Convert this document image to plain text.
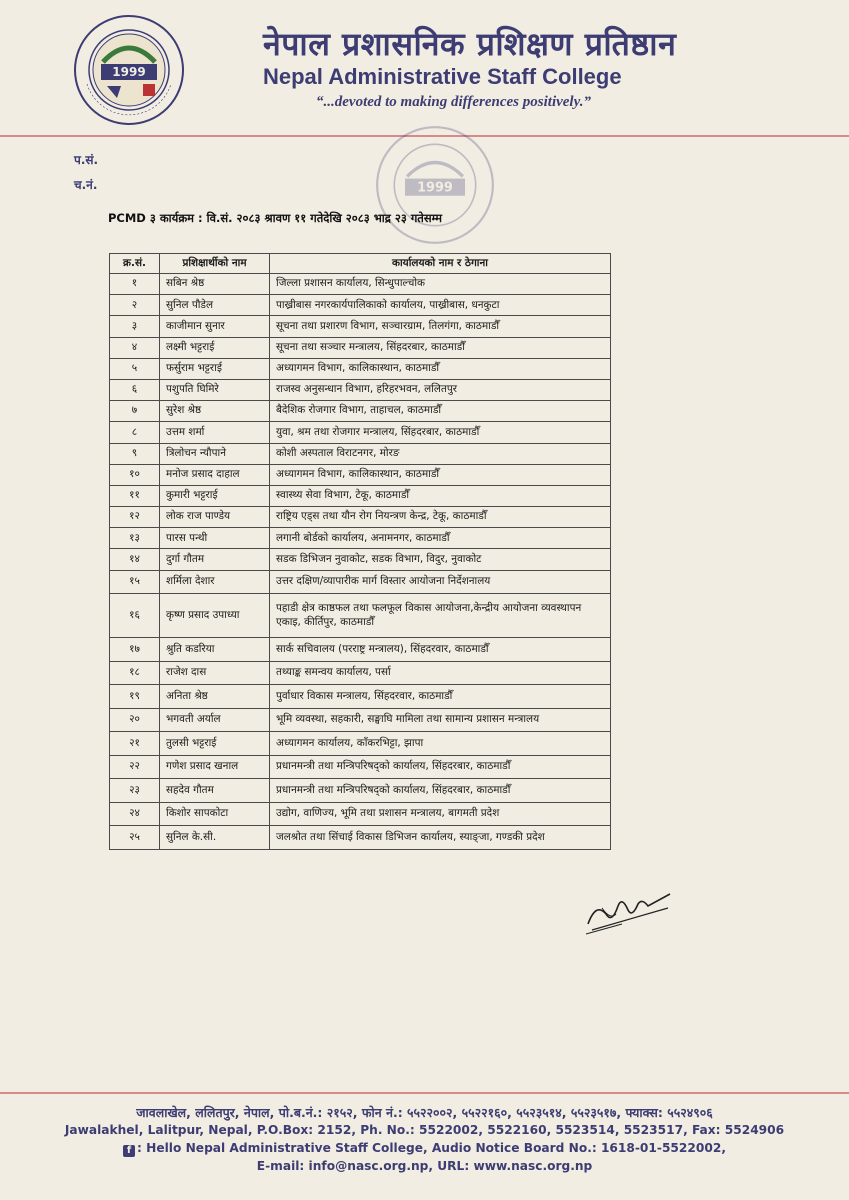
1999
नेपाल प्रशासनिक प्रशिक्षण प्रतिष्ठान
Nepal Administrative Staff College
“...devoted to making differences positively.”
प.सं.
च.नं.	1999
PCMD ३ कार्यक्रम : वि.सं. २०८३ श्रावण ११ गतेदेखि २०८३ भाद्र २३ गतेसम्म
क्र.सं.	प्रशिक्षार्थीको नाम	कार्यालयको नाम र ठेगाना
१	सबिन श्रेष्ठ	जिल्ला प्रशासन कार्यालय, सिन्धुपाल्चोक
२	सुनिल पौडेल	पाख्रीबास नगरकार्यपालिकाको कार्यालय, पाख्रीबास, धनकुटा
३	काजीमान सुनार	सूचना तथा प्रशारण विभाग, सञ्चारग्राम, तिलगंगा, काठमाडौँ
४	लक्ष्मी भट्टराई	सूचना तथा सञ्चार मन्त्रालय, सिंहदरबार, काठमाडौँ
५	फर्सुराम भट्टराई	अध्यागमन विभाग, कालिकास्थान, काठमाडौँ
६	पशुपति घिमिरे	राजस्व अनुसन्धान विभाग, हरिहरभवन, ललितपुर
७	सुरेश श्रेष्ठ	बैदेशिक रोजगार विभाग, ताहाचल, काठमाडौँ
८	उत्तम शर्मा	युवा, श्रम तथा रोजगार मन्त्रालय, सिंहदरबार, काठमाडौँ
९	त्रिलोचन न्यौपाने	कोशी अस्पताल विराटनगर, मोरङ
१०	मनोज प्रसाद दाहाल	अध्यागमन विभाग, कालिकास्थान, काठमाडौँ
११	कुमारी भट्टराई	स्वास्थ्य सेवा विभाग, टेकू, काठमाडौँ
१२	लोक राज पाण्डेय	राष्ट्रिय एड्स तथा यौन रोग नियन्त्रण केन्द्र, टेकू, काठमाडौँ
१३	पारस पन्थी	लगानी बोर्डको कार्यालय, अनामनगर, काठमाडौँ
१४	दुर्गा गौतम	सडक डिभिजन नुवाकोट, सडक विभाग, विदुर, नुवाकोट
१५	शर्मिला देशार	उत्तर दक्षिण/व्यापारीक मार्ग विस्तार आयोजना निर्देशनालय
१६	कृष्ण प्रसाद उपाध्या	पहाडी क्षेत्र काष्ठफल तथा फलफूल विकास आयोजना,केन्द्रीय आयोजना व्यवस्थापन एकाइ, कीर्तिपुर, काठमाडौँ
१७	श्रुति कडरिया	सार्क सचिवालय (परराष्ट्र मन्त्रालय), सिंहदरवार, काठमाडौँ
१८	राजेश दास	तथ्याङ्क समन्वय कार्यालय, पर्सा
१९	अनिता श्रेष्ठ	पुर्वाधार विकास मन्त्रालय, सिंहदरवार, काठमाडौँ
२०	भगवती अर्याल	भूमि व्यवस्था, सहकारी, सङ्घाघि मामिला तथा सामान्य प्रशासन मन्त्रालय
२१	तुलसी भट्टराई	अध्यागमन कार्यालय, काँकरभिट्टा, झापा
२२	गणेश प्रसाद खनाल	प्रधानमन्त्री तथा मन्त्रिपरिषद्को कार्यालय, सिंहदरबार, काठमाडौँ
२३	सहदेव गौतम	प्रधानमन्त्री तथा मन्त्रिपरिषद्को कार्यालय, सिंहदरबार, काठमाडौँ
२४	किशोर सापकोटा	उद्योग, वाणिज्य, भूमि तथा प्रशासन मन्त्रालय, बागमती प्रदेश
२५	सुनिल के.सी.	जलश्रोत तथा सिंचाई विकास डिभिजन कार्यालय, स्याङ्जा, गण्डकी प्रदेश
जावलाखेल, ललितपुर, नेपाल, पो.ब.नं.: २१५२, फोन नं.: ५५२२००२, ५५२२१६०, ५५२३५१४, ५५२३५१७, फ्याक्स: ५५२४९०६
Jawalakhel, Lalitpur, Nepal, P.O.Box: 2152, Ph. No.: 5522002, 5522160, 5523514, 5523517, Fax: 5524906
f : Hello Nepal Administrative Staff College, Audio Notice Board No.: 1618-01-5522002,
E-mail: info@nasc.org.np, URL: www.nasc.org.np
